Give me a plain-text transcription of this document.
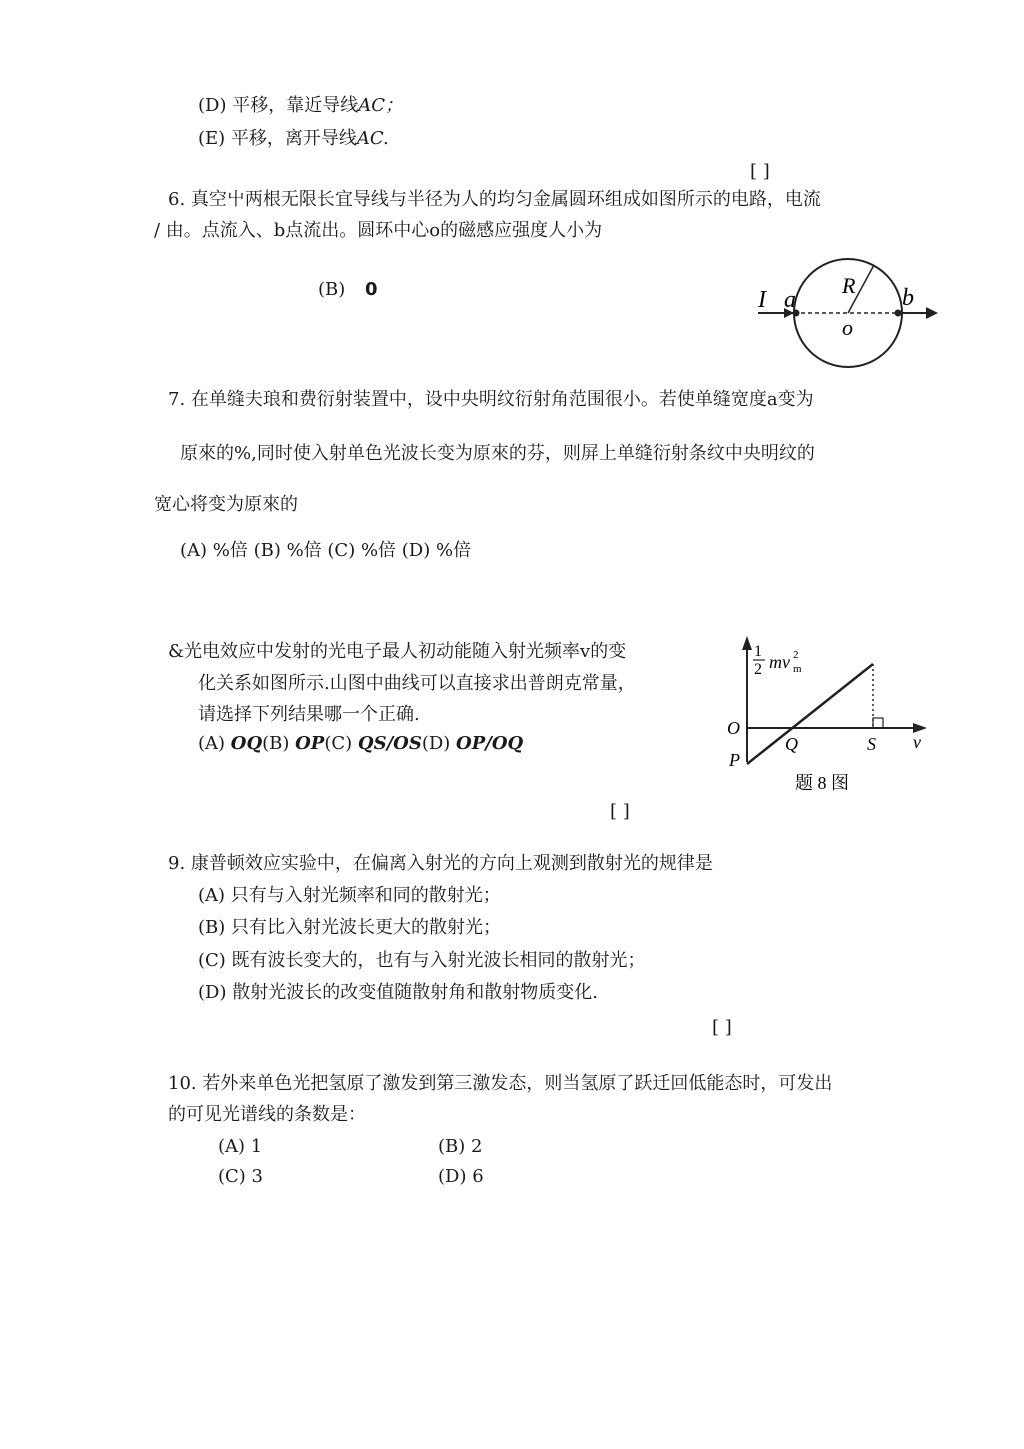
(D) 平移，靠近导线AC；
(E) 平移，离开导线AC.
[ ]
6. 真空屮两根无限长宜导线与半径为人的均匀金属圆环组成如图所示的电路，电流
/ 由。点流入、b点流出。圆环中心o的磁感应强度人小为
(B) 0	I a
R b
o
7. 在单缝夫琅和费衍射装置中，设中央明纹衍射角范围很小。若使单缝宽度a变为
原來的%,同时使入射单色光波长变为原來的芬，则屏上单缝衍射条纹中央明纹的
宽心将变为原來的
(A) %倍 (B) %倍 (C) %倍 (D) %倍
&光电效应中发射的光电子最人初动能随入射光频率v的变
化关系如图所示.山图中曲线可以直接求出普朗克常量，
请选择下列结果哪一个正确.
(A) OQ(B) OP(C) QS/OS(D) OP/OQ
[ ]
1
2 mv 2
m
O
P
Q	S v
题 8 图
9. 康普顿效应实验中，在偏离入射光的方向上观测到散射光的规律是
(A) 只有与入射光频率和同的散射光；
(B) 只有比入射光波长更大的散射光；
(C) 既有波长变大的，也有与入射光波长相同的散射光；
(D) 散射光波长的改变值随散射角和散射物质变化.
[ ]
10. 若外来单色光把氢原了激发到第三激发态，则当氢原了跃迁回低能态时，可发出
的可见光谱线的条数是：
(A) 1	(B) 2
(C) 3	(D) 6
